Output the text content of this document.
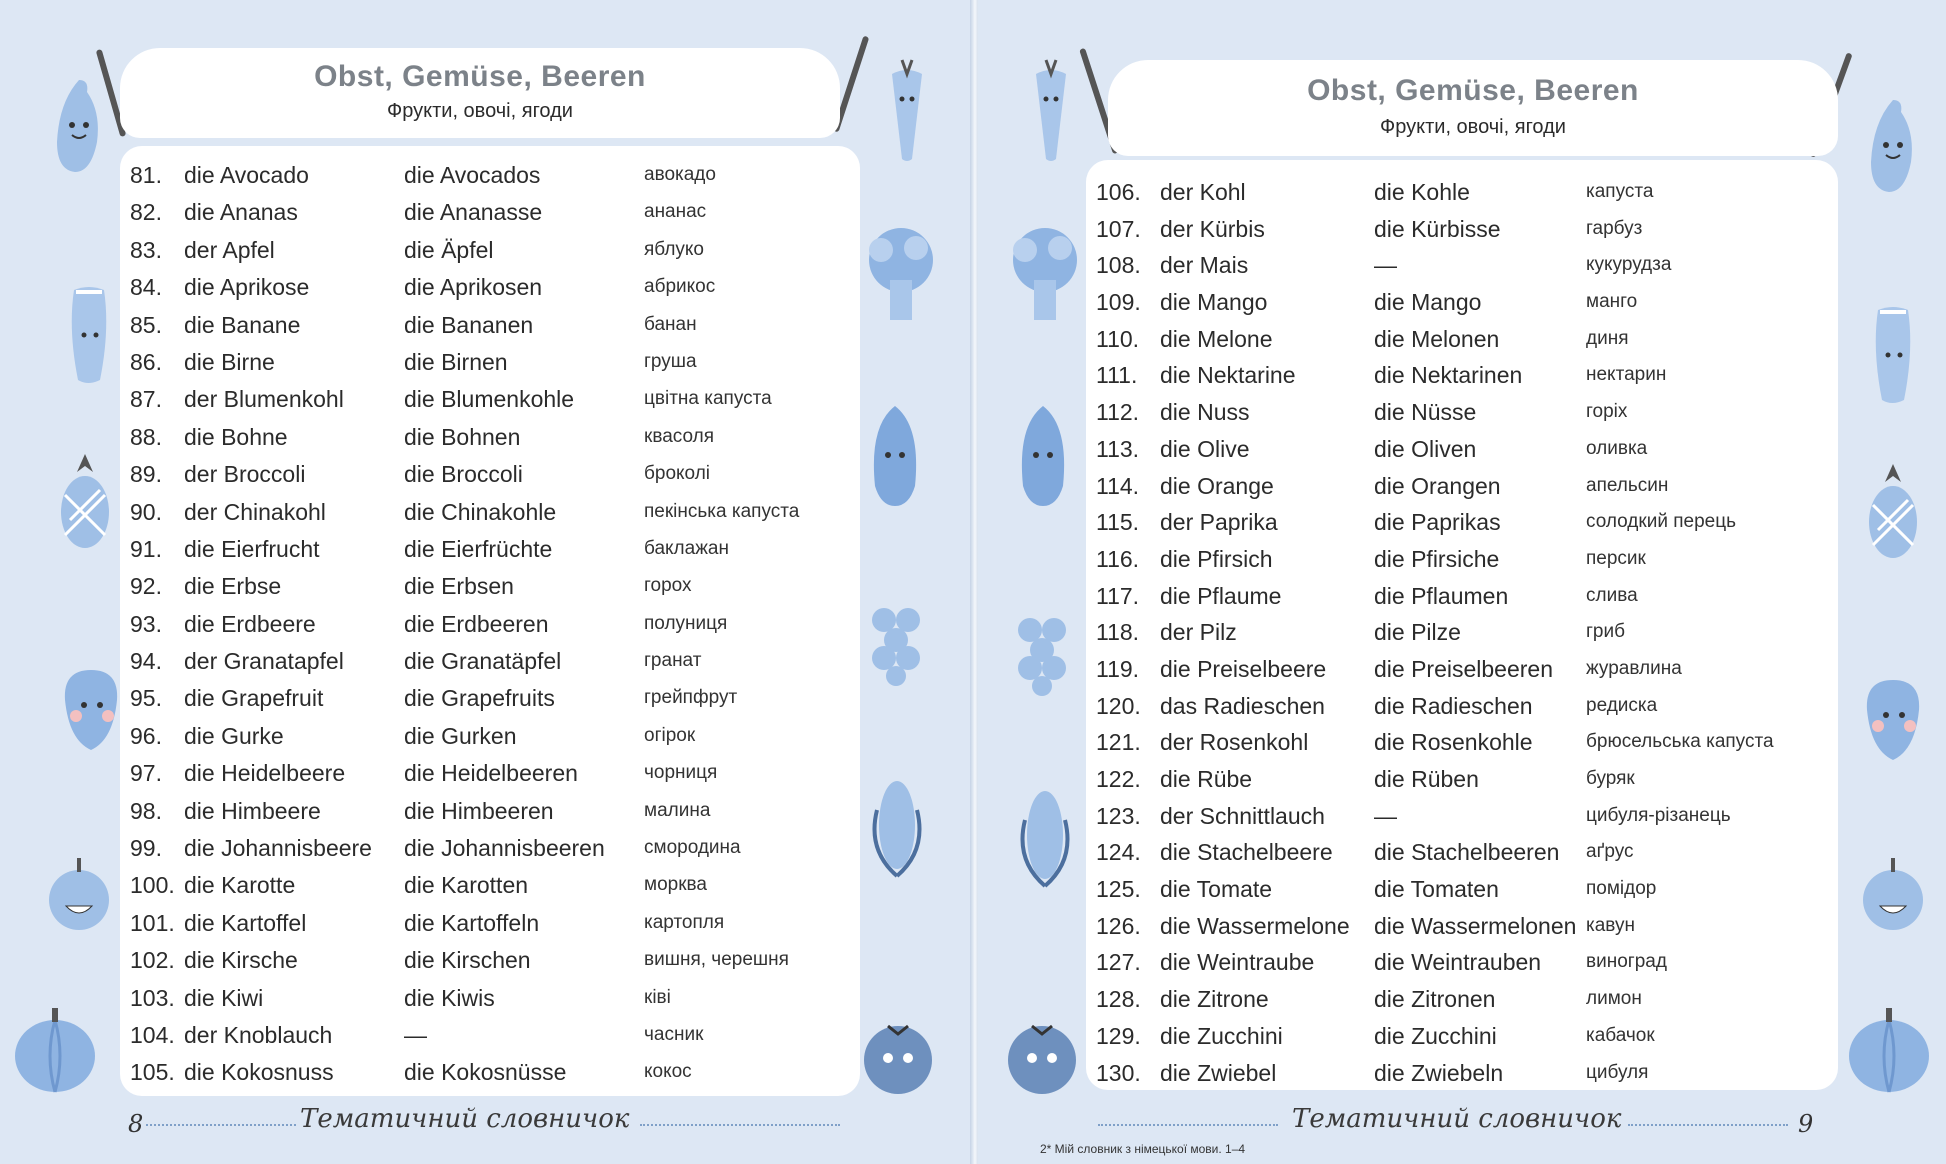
Obst, Gemüse, Beeren
Фрукти, овочі, ягоди
81. die Avocado	die Avocados	авокадо
82. die Ananas	die Ananasse	ананас
83. der Apfel	die Äpfel	яблуко
84. die Aprikose	die Aprikosen	абрикос
85. die Banane	die Bananen	банан
86. die Birne	die Birnen	груша
87. der Blumenkohl	die Blumenkohle	цвітна капуста
88. die Bohne	die Bohnen	квасоля
89. der Broccoli	die Broccoli	броколі
90. der Chinakohl	die Chinakohle	пекінська капуста
91. die Eierfrucht	die Eierfrüchte	баклажан
92. die Erbse	die Erbsen	горох
93. die Erdbeere	die Erdbeeren	полуниця
94. der Granatapfel	die Granatäpfel	гранат
95. die Grapefruit	die Grapefruits	грейпфрут
96. die Gurke	die Gurken	огірок
97. die Heidelbeere	die Heidelbeeren	чорниця
98. die Himbeere	die Himbeeren	малина
99. die Johannisbeere die Johannisbeeren смородина
100. die Karotte	die Karotten	морква
101. die Kartoffel	die Kartoffeln	картопля
102. die Kirsche	die Kirschen	вишня, черешня
103. die Kiwi	die Kiwis	ківі
104. der Knoblauch	—	часник
105. die Kokosnuss	die Kokosnüsse	кокос
8	Тематичний словничок
Obst, Gemüse, Beeren
Фрукти, овочі, ягоди
106. der Kohl	die Kohle	капуста
107. der Kürbis	die Kürbisse	гарбуз
108. der Mais	—	кукурудза
109. die Mango	die Mango	манго
110. die Melone	die Melonen	диня
111. die Nektarine	die Nektarinen	нектарин
112. die Nuss	die Nüsse	горіх
113. die Olive	die Oliven	оливка
114. die Orange	die Orangen	апельсин
115. der Paprika	die Paprikas	солодкий перець
116. die Pfirsich	die Pfirsiche	персик
117. die Pflaume	die Pflaumen	слива
118. der Pilz	die Pilze	гриб
119. die Preiselbeere die Preiselbeeren журавлина
120. das Radieschen die Radieschen	редиска
121. der Rosenkohl	die Rosenkohle	брюсельська капуста
122. die Rübe	die Rüben	буряк
123. der Schnittlauch —	цибуля-різанець
124. die Stachelbeere die Stachelbeeren аґрус
125. die Tomate	die Tomaten	помідор
126. die Wassermelone die Wassermelonen кавун
127. die Weintraube	die Weintrauben виноград
128. die Zitrone	die Zitronen	лимон
129. die Zucchini	die Zucchini	кабачок
130. die Zwiebel	die Zwiebeln	цибуля
Тематичний словничок	9
2* Мій словник з німецької мови. 1–4
